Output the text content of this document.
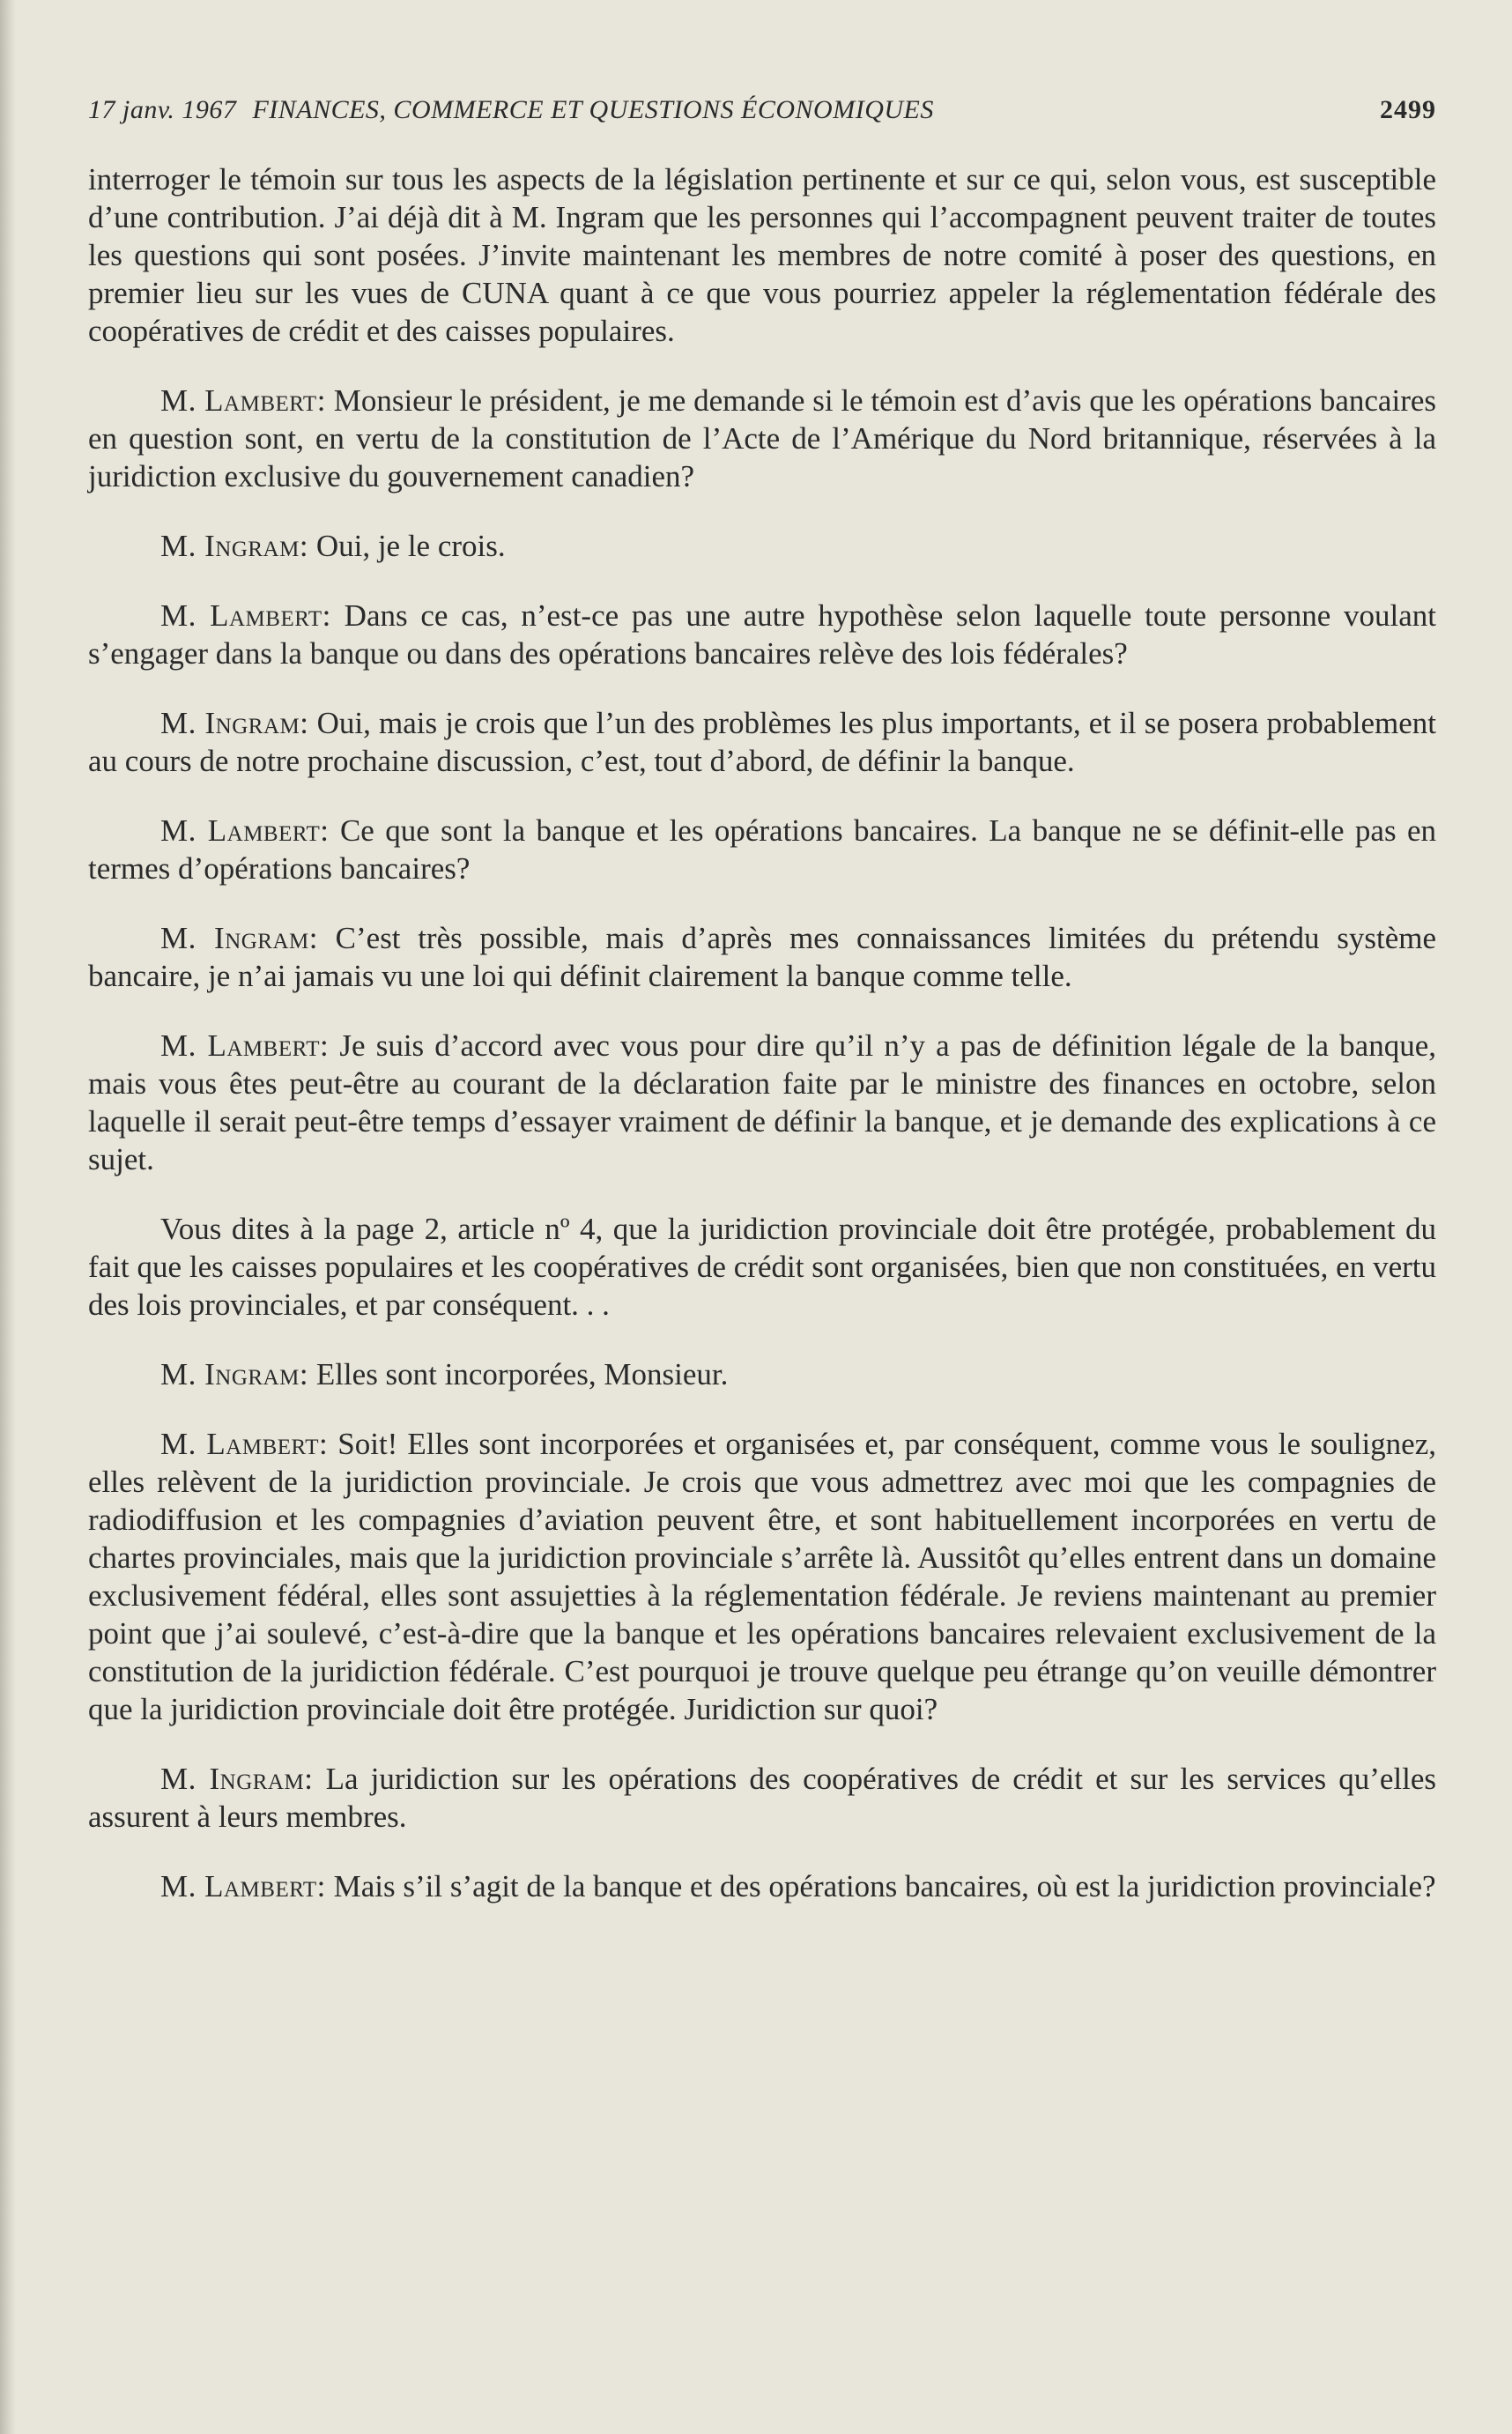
17 janv. 1967 FINANCES, COMMERCE ET QUESTIONS ÉCONOMIQUES	2499

interroger le témoin sur tous les aspects de la législation pertinente et sur ce qui, selon vous, est susceptible d’une contribution. J’ai déjà dit à M. Ingram que les personnes qui l’accompagnent peuvent traiter de toutes les questions qui sont posées. J’invite maintenant les membres de notre comité à poser des questions, en premier lieu sur les vues de CUNA quant à ce que vous pourriez appeler la réglementation fédérale des coopératives de crédit et des caisses populaires.

M. Lambert: Monsieur le président, je me demande si le témoin est d’avis que les opérations bancaires en question sont, en vertu de la constitution de l’Acte de l’Amérique du Nord britannique, réservées à la juridiction exclusive du gouvernement canadien?

M. Ingram: Oui, je le crois.

M. Lambert: Dans ce cas, n’est-ce pas une autre hypothèse selon laquelle toute personne voulant s’engager dans la banque ou dans des opérations bancaires relève des lois fédérales?

M. Ingram: Oui, mais je crois que l’un des problèmes les plus importants, et il se posera probablement au cours de notre prochaine discussion, c’est, tout d’abord, de définir la banque.

M. Lambert: Ce que sont la banque et les opérations bancaires. La banque ne se définit-elle pas en termes d’opérations bancaires?

M. Ingram: C’est très possible, mais d’après mes connaissances limitées du prétendu système bancaire, je n’ai jamais vu une loi qui définit clairement la banque comme telle.

M. Lambert: Je suis d’accord avec vous pour dire qu’il n’y a pas de définition légale de la banque, mais vous êtes peut-être au courant de la déclaration faite par le ministre des finances en octobre, selon laquelle il serait peut-être temps d’essayer vraiment de définir la banque, et je demande des explications à ce sujet.

Vous dites à la page 2, article nº 4, que la juridiction provinciale doit être protégée, probablement du fait que les caisses populaires et les coopératives de crédit sont organisées, bien que non constituées, en vertu des lois provinciales, et par conséquent. . .

M. Ingram: Elles sont incorporées, Monsieur.

M. Lambert: Soit! Elles sont incorporées et organisées et, par conséquent, comme vous le soulignez, elles relèvent de la juridiction provinciale. Je crois que vous admettrez avec moi que les compagnies de radiodiffusion et les compagnies d’aviation peuvent être, et sont habituellement incorporées en vertu de chartes provinciales, mais que la juridiction provinciale s’arrête là. Aussitôt qu’elles entrent dans un domaine exclusivement fédéral, elles sont assujetties à la réglementation fédérale. Je reviens maintenant au premier point que j’ai soulevé, c’est-à-dire que la banque et les opérations bancaires relevaient exclusivement de la constitution de la juridiction fédérale. C’est pourquoi je trouve quelque peu étrange qu’on veuille démontrer que la juridiction provinciale doit être protégée. Juridiction sur quoi?

M. Ingram: La juridiction sur les opérations des coopératives de crédit et sur les services qu’elles assurent à leurs membres.

M. Lambert: Mais s’il s’agit de la banque et des opérations bancaires, où est la juridiction provinciale?
